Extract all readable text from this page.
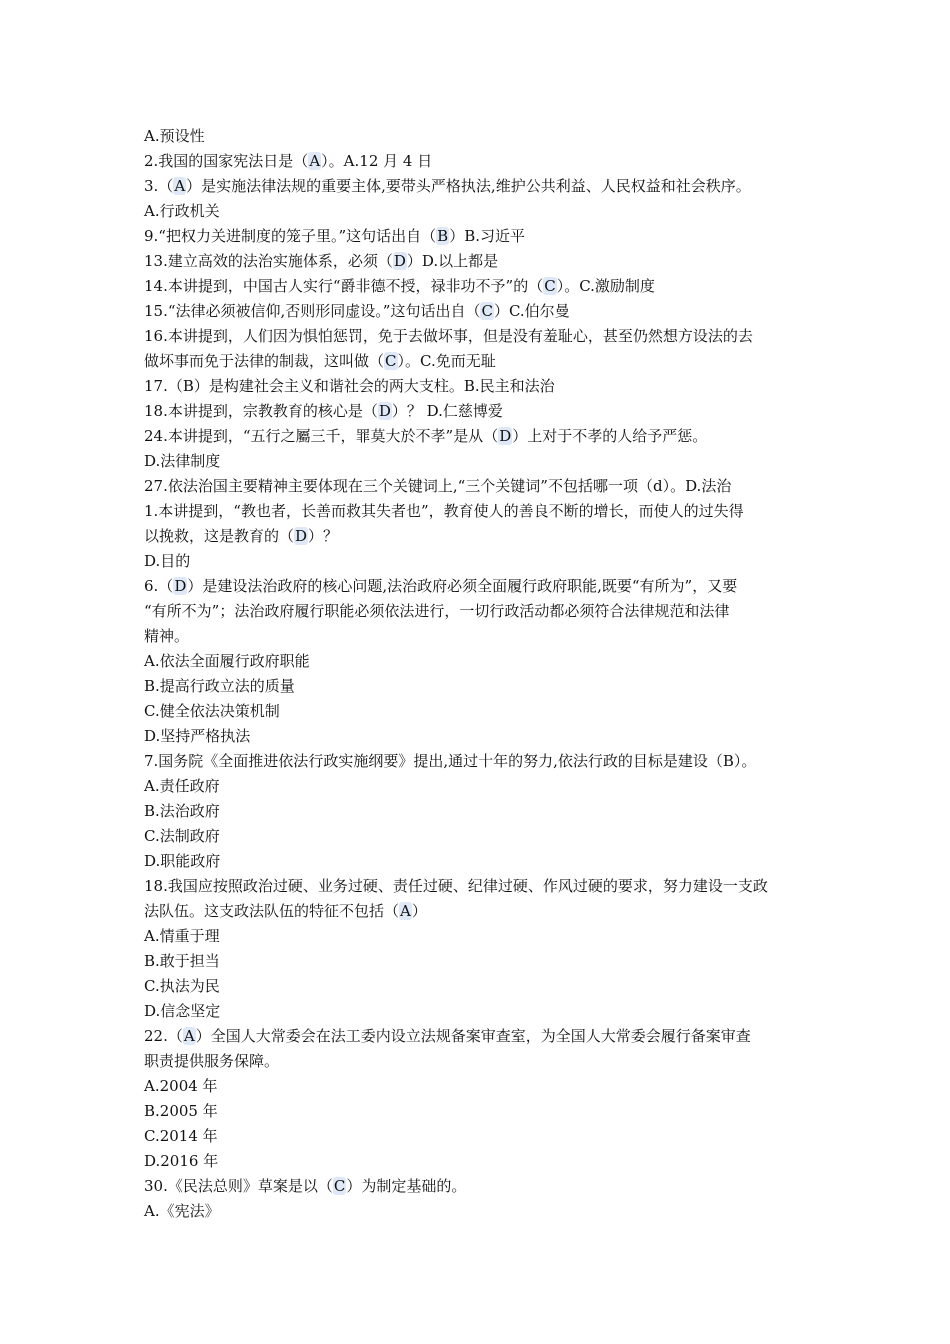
A.预设性
2.我国的国家宪法日是（A）。A.12 月 4 日
3.（A）是实施法律法规的重要主体,要带头严格执法,维护公共利益、人民权益和社会秩序。
A.行政机关
9.“把权力关进制度的笼子里。”这句话出自（B）B.习近平
13.建立高效的法治实施体系，必须（D）D.以上都是
14.本讲提到，中国古人实行“爵非德不授，禄非功不予”的（C）。C.激励制度
15.“法律必须被信仰,否则形同虚设。”这句话出自（C）C.伯尔曼
16.本讲提到，人们因为惧怕惩罚，免于去做坏事，但是没有羞耻心，甚至仍然想方设法的去
做坏事而免于法律的制裁，这叫做（C）。C.免而无耻
17.（B）是构建社会主义和谐社会的两大支柱。B.民主和法治
18.本讲提到，宗教教育的核心是（D）？ D.仁慈博爱
24.本讲提到，“五行之屬三千，罪莫大於不孝”是从（D）上对于不孝的人给予严惩。
D.法律制度
27.依法治国主要精神主要体现在三个关键词上,“三个关键词”不包括哪一项（d）。D.法治
1.本讲提到，“教也者，长善而救其失者也”，教育使人的善良不断的增长，而使人的过失得
以挽救，这是教育的（D）？
D.目的
6.（D）是建设法治政府的核心问题,法治政府必须全面履行政府职能,既要“有所为”，又要
“有所不为”；法治政府履行职能必须依法进行，一切行政活动都必须符合法律规范和法律
精神。
A.依法全面履行政府职能
B.提高行政立法的质量
C.健全依法决策机制
D.坚持严格执法
7.国务院《全面推进依法行政实施纲要》提出,通过十年的努力,依法行政的目标是建设（B）。
A.责任政府
B.法治政府
C.法制政府
D.职能政府
18.我国应按照政治过硬、业务过硬、责任过硬、纪律过硬、作风过硬的要求，努力建设一支政
法队伍。这支政法队伍的特征不包括（A）
A.情重于理
B.敢于担当
C.执法为民
D.信念坚定
22.（A）全国人大常委会在法工委内设立法规备案审查室，为全国人大常委会履行备案审查
职责提供服务保障。
A.2004 年
B.2005 年
C.2014 年
D.2016 年
30.《民法总则》草案是以（C）为制定基础的。
A.《宪法》
